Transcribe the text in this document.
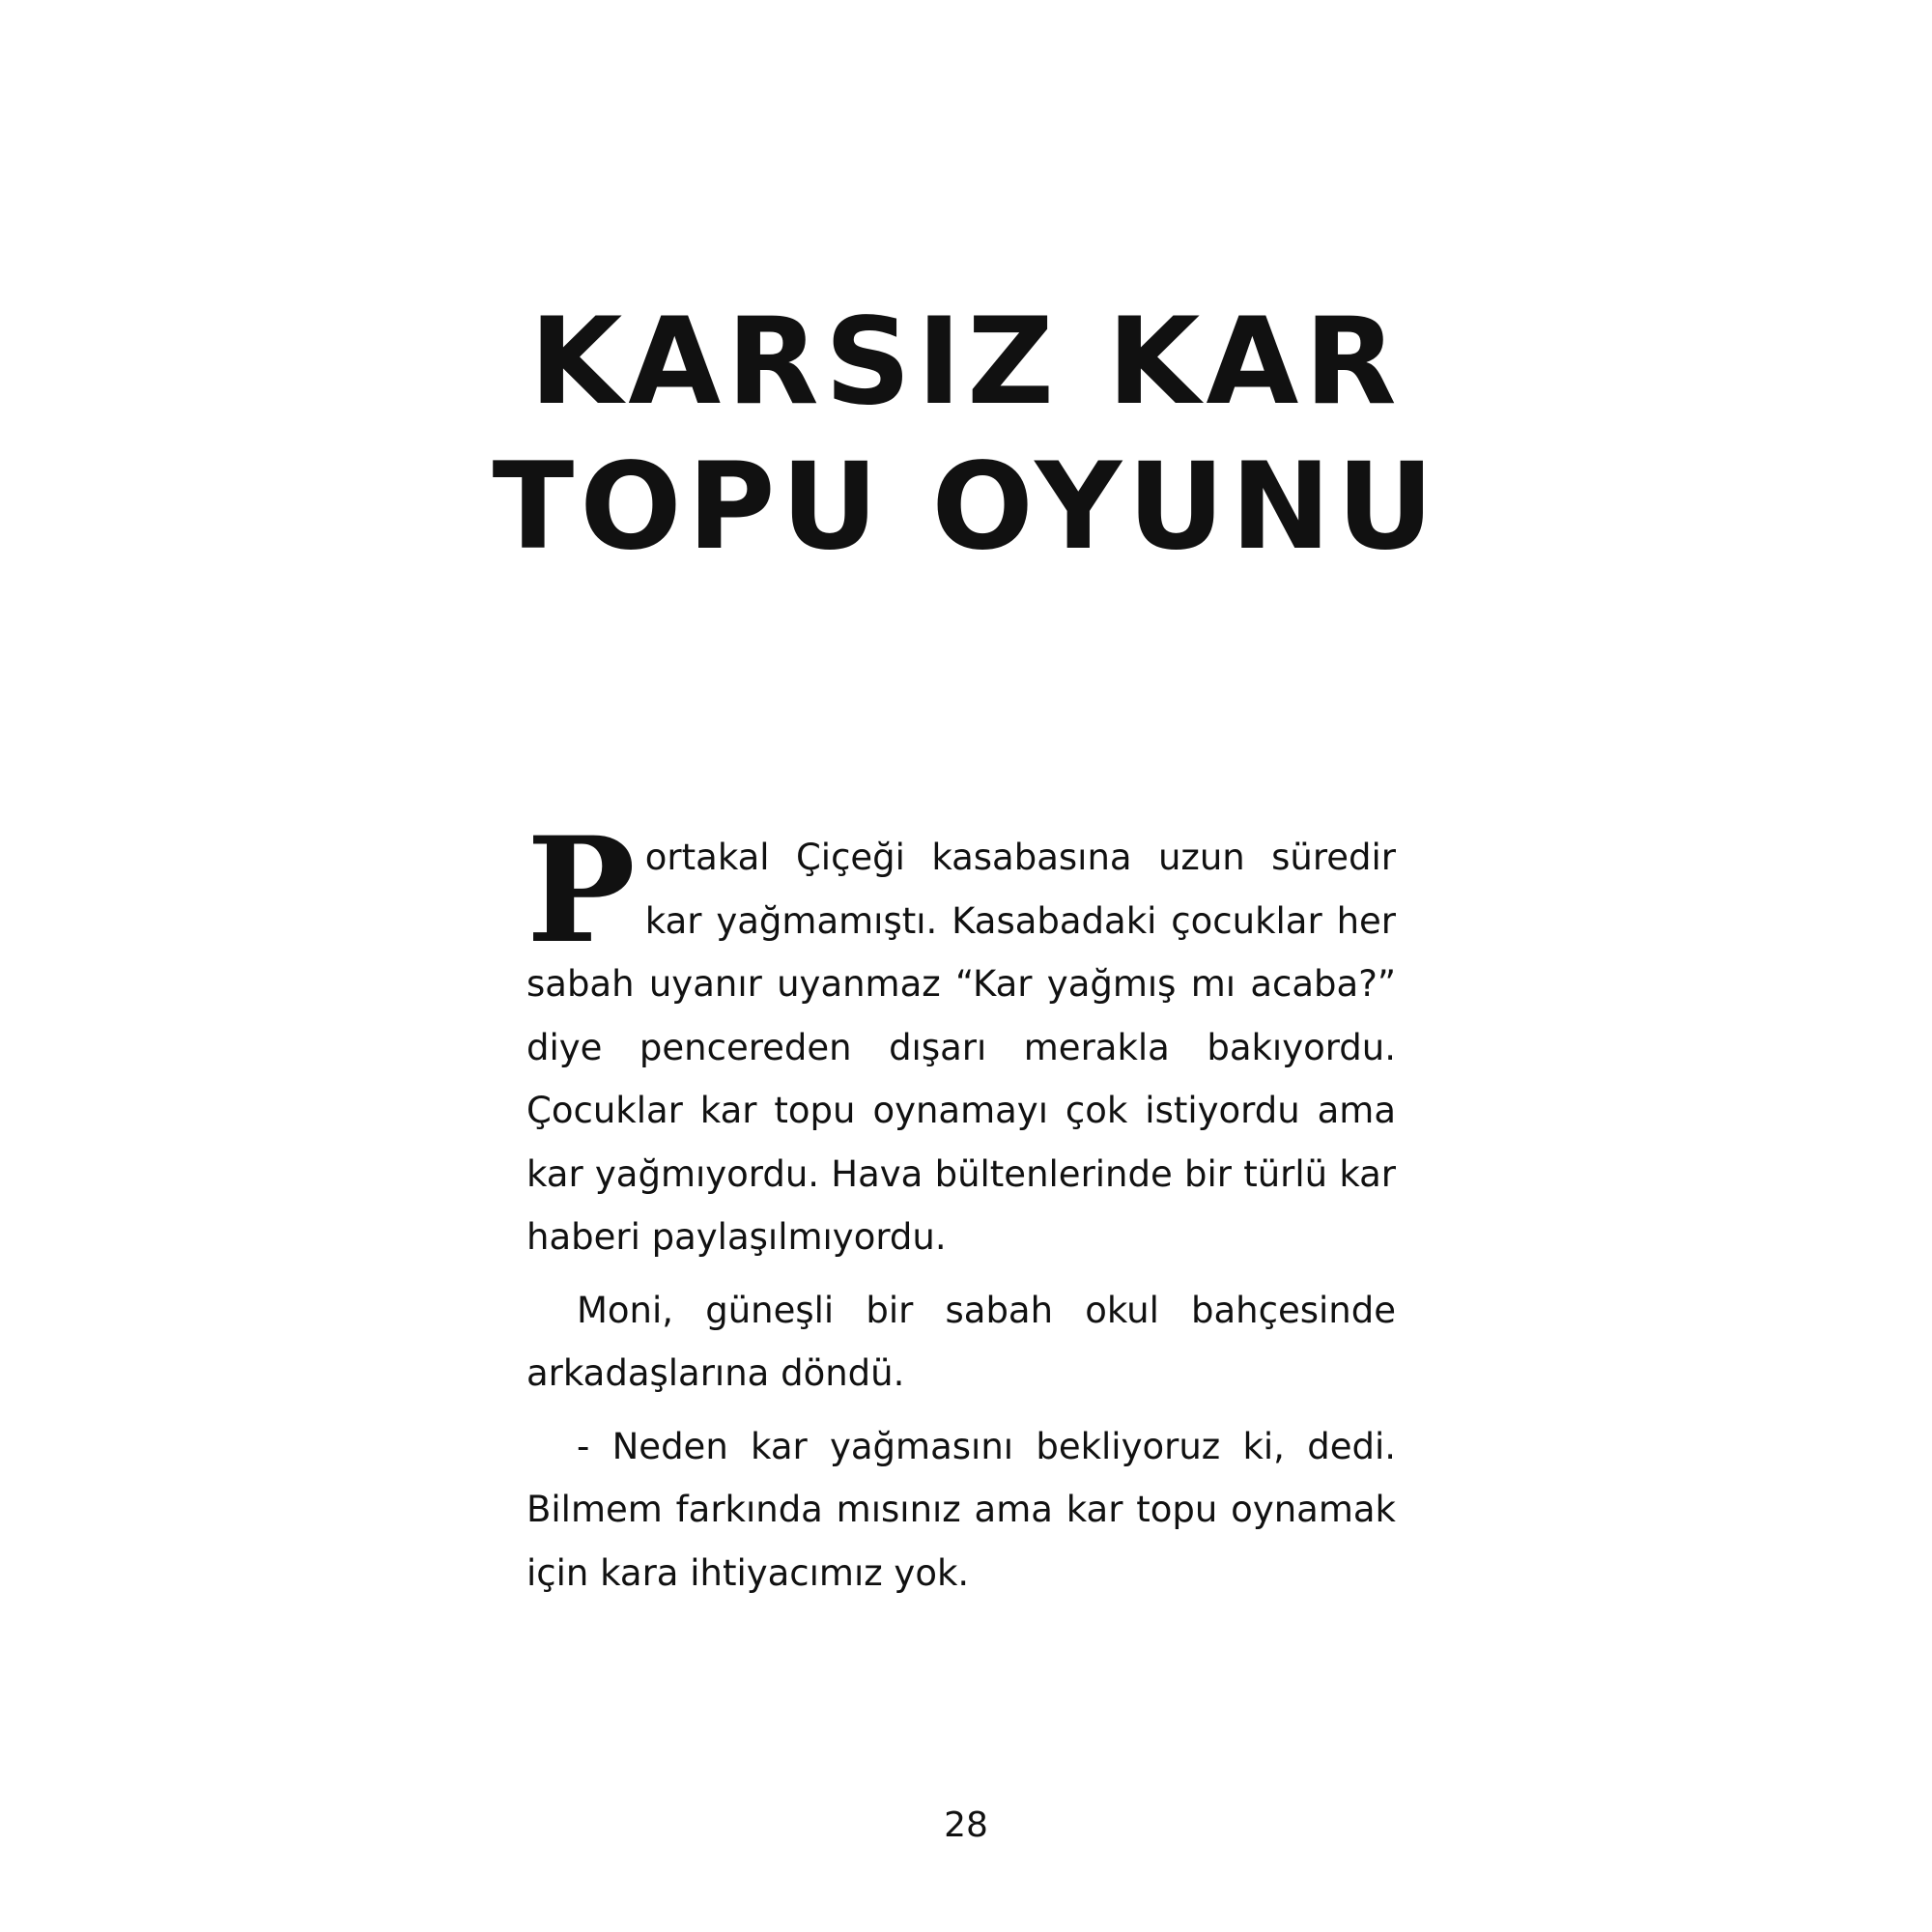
KARSIZ KAR
TOPU OYUNU

Portakal Çiçeği kasabasına uzun süredir kar yağmamıştı. Kasabadaki çocuklar her sabah uyanır uyanmaz “Kar yağmış mı acaba?” diye pencereden dışarı merakla bakıyordu. Çocuklar kar topu oynamayı çok istiyordu ama kar yağmıyordu. Hava bültenlerinde bir türlü kar haberi paylaşılmıyordu.

Moni, güneşli bir sabah okul bahçesinde arkadaşlarına döndü.

- Neden kar yağmasını bekliyoruz ki, dedi. Bilmem farkında mısınız ama kar topu oynamak için kara ihtiyacımız yok.

28
